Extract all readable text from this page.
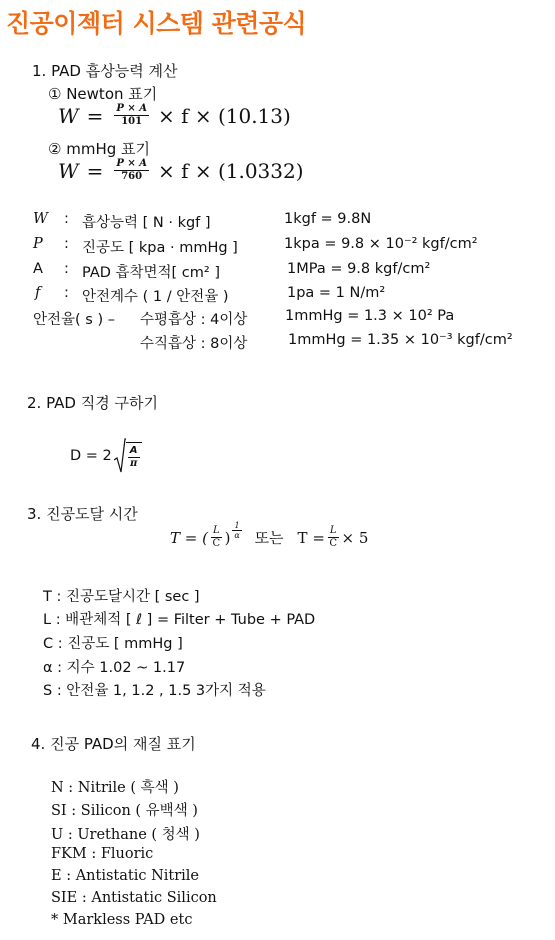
진공이젝터 시스템 관련공식
1. PAD 흡상능력 계산
① Newton 표기
$W = \frac{P \times A}{101} \times f \times (10.13)$
② mmHg 표기
$W = \frac{P \times A}{760} \times f \times (1.0332)$
W : 흡상능력 [ N · kgf ]	1kgf = 9.8N
P : 진공도 [ kpa · mmHg ]	1kpa = 9.8 × 10⁻² kgf/cm²
A : PAD 흡착면적[ cm² ]	1MPa = 9.8 kgf/cm²
f : 안전계수 ( 1 / 안전율 )	1pa = 1 N/m²
안전율( s ) – 수평흡상 : 4이상	1mmHg = 1.3 × 10² Pa
수직흡상 : 8이상	1mmHg = 1.35 × 10⁻³ kgf/cm²
2. PAD 직경 구하기
$D = 2 \frac{A}{\pi}$
3. 진공도달 시간
T = ( $\frac{L}{C}$ ) $\frac{1}{\alpha}$ 또는 $T = \frac{L}{C} \times 5$
T : 진공도달시간 [ sec ]
L : 배관체적 [ ℓ ] = Filter + Tube + PAD
C : 진공도 [ mmHg ]
α : 지수 1.02 ~ 1.17
S : 안전율 1, 1.2 , 1.5 3가지 적용
4. 진공 PAD의 재질 표기
N : Nitrile ( 흑색 )
SI : Silicon ( 유백색 )
U : Urethane ( 청색 )
FKM : Fluoric
E : Antistatic Nitrile
SIE : Antistatic Silicon
* Markless PAD etc
